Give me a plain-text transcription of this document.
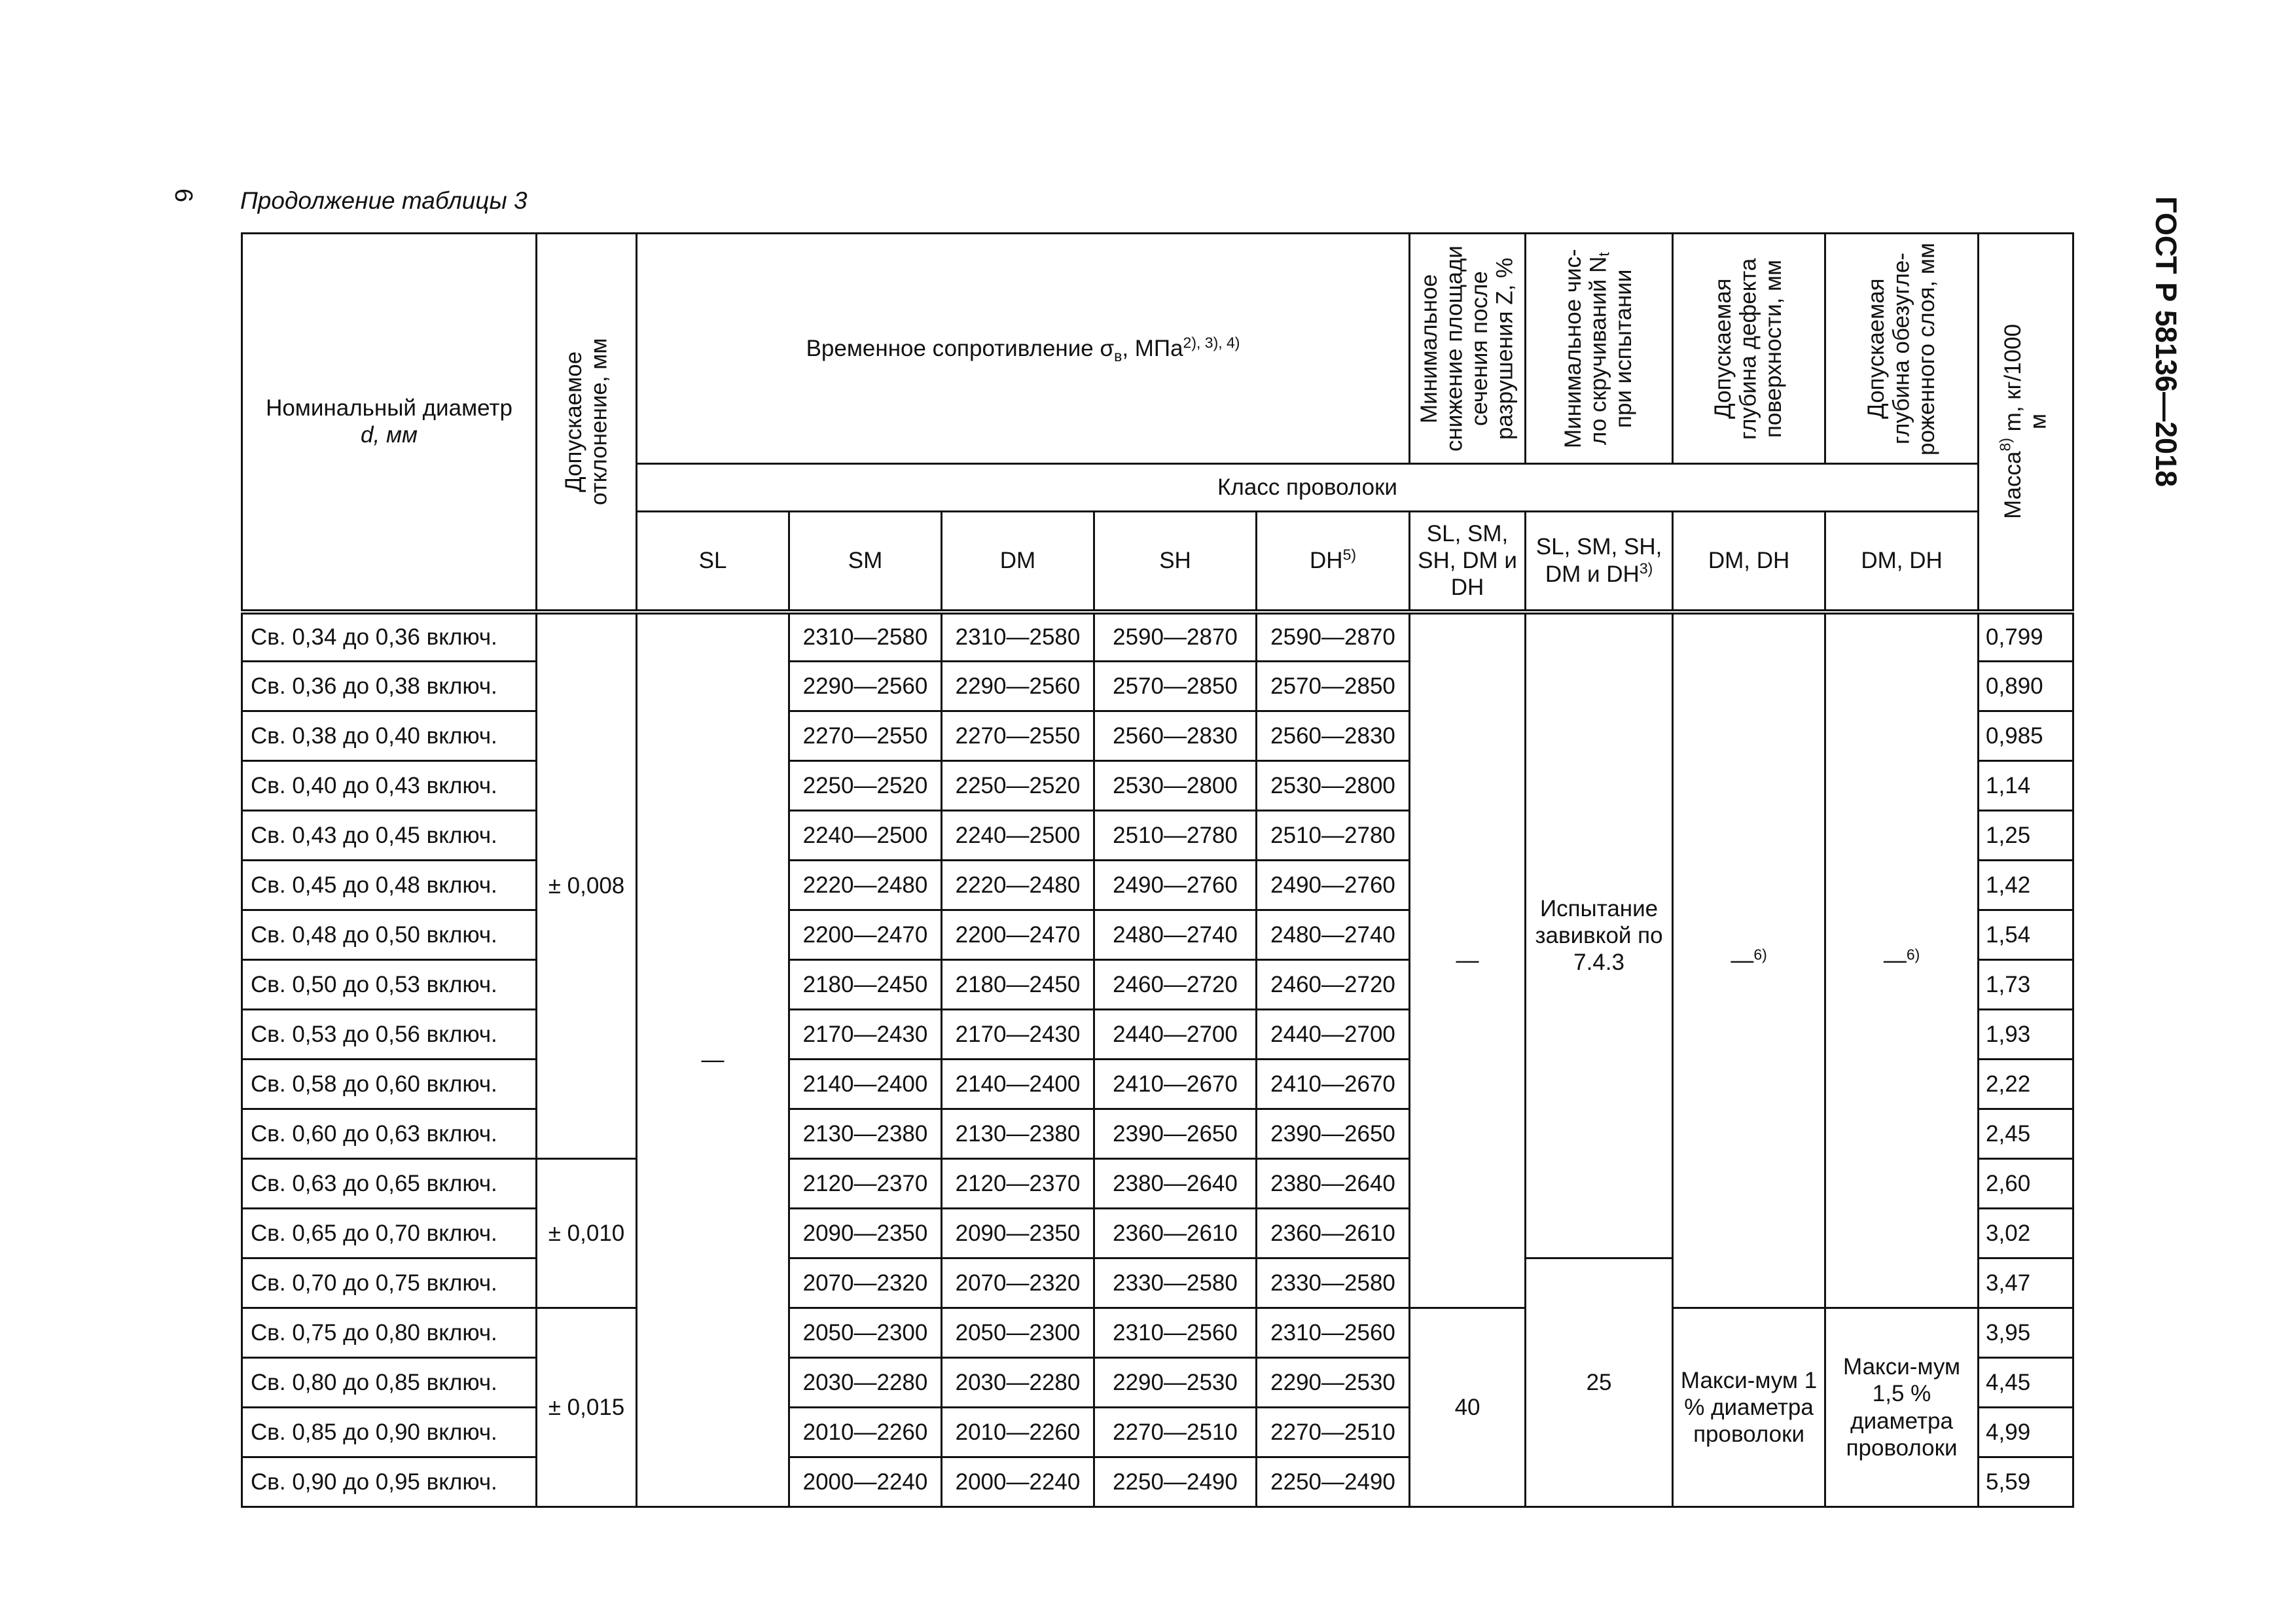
6 Продолжение таблицы 3	ГОСТ Р 58136—2018
Номинальный диаметр
d, мм	Допускаемое отклонение, мм	Временное сопротивление $\sigma_в$, МПа$^{2), 3), 4)}$					Минимальное снижение площади сечения после разрушения Z, %	Минимальное чис-ло скручиваний $N_t$ при испытании	Допускаемая глубина дефекта поверхности, мм	Допускаемая глубина обезугле-роженного слоя, мм	Масса$^{8)}$ m, кг/1000 м

		Класс проволоки									
		SL	SM	DM	SH	DH$^{5)}$	SL, SM, SH, DM и DH	SL, SM, SH, DM и DH$^{3)}$	DM, DH	DM, DH	
Св. 0,34 до 0,36 включ.	± 0,008	—	2310—2580	2310—2580	2590—2870	2590—2870	—	Испытание завивкой по 7.4.3	—$^{6)}$	—$^{6)}$	0,799
Св. 0,36 до 0,38 включ.			2290—2560	2290—2560	2570—2850	2570—2850					0,890
Св. 0,38 до 0,40 включ.			2270—2550	2270—2550	2560—2830	2560—2830					0,985
Св. 0,40 до 0,43 включ.			2250—2520	2250—2520	2530—2800	2530—2800					1,14
Св. 0,43 до 0,45 включ.			2240—2500	2240—2500	2510—2780	2510—2780					1,25
Св. 0,45 до 0,48 включ.			2220—2480	2220—2480	2490—2760	2490—2760					1,42
Св. 0,48 до 0,50 включ.			2200—2470	2200—2470	2480—2740	2480—2740					1,54
Св. 0,50 до 0,53 включ.			2180—2450	2180—2450	2460—2720	2460—2720					1,73
Св. 0,53 до 0,56 включ.			2170—2430	2170—2430	2440—2700	2440—2700					1,93
Св. 0,58 до 0,60 включ.			2140—2400	2140—2400	2410—2670	2410—2670					2,22
Св. 0,60 до 0,63 включ.			2130—2380	2130—2380	2390—2650	2390—2650					2,45
Св. 0,63 до 0,65 включ.	± 0,010		2120—2370	2120—2370	2380—2640	2380—2640					2,60
Св. 0,65 до 0,70 включ.			2090—2350	2090—2350	2360—2610	2360—2610					3,02
Св. 0,70 до 0,75 включ.			2070—2320	2070—2320	2330—2580	2330—2580		25			3,47
Св. 0,75 до 0,80 включ.	± 0,015		2050—2300	2050—2300	2310—2560	2310—2560	40		Макси-мум 1 % диаметра проволоки	Макси-мум 1,5 % диаметра проволоки	3,95
Св. 0,80 до 0,85 включ.			2030—2280	2030—2280	2290—2530	2290—2530					4,45
Св. 0,85 до 0,90 включ.			2010—2260	2010—2260	2270—2510	2270—2510					4,99
Св. 0,90 до 0,95 включ.			2000—2240	2000—2240	2250—2490	2250—2490					5,59
